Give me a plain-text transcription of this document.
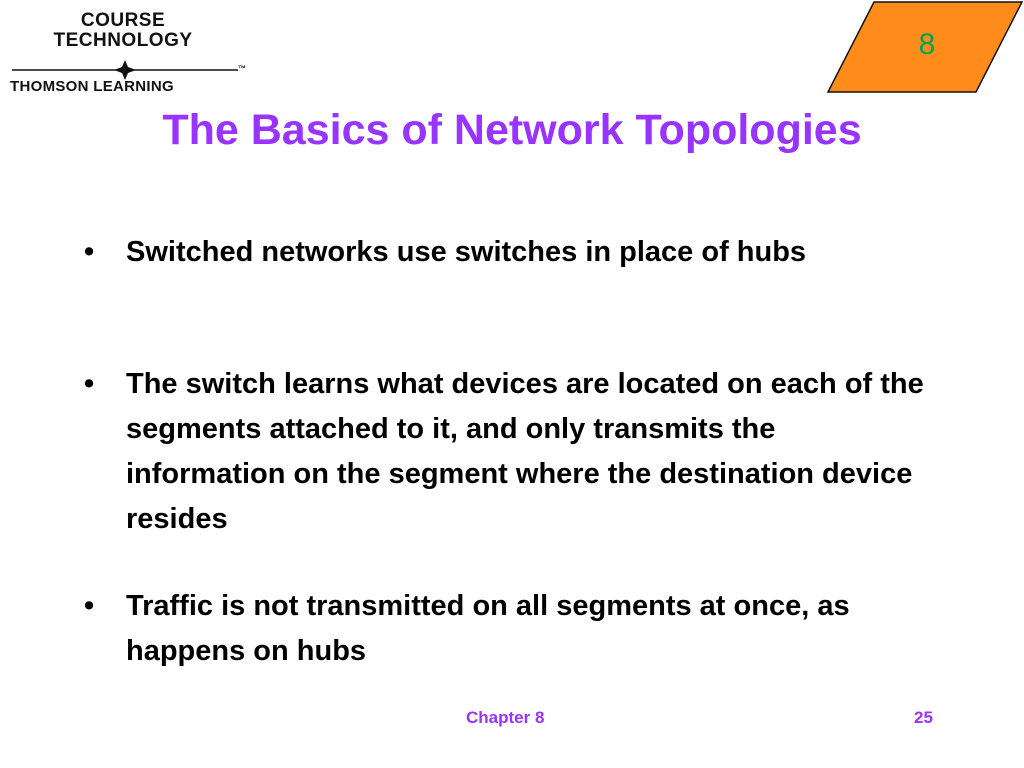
COURSE
TECHNOLOGY
THOMSON LEARNING
™
8
The Basics of Network Topologies
• Switched networks use switches in place of hubs
• The switch learns what devices are located on each of the segments attached to it, and only transmits the information on the segment where the destination device resides
• Traffic is not transmitted on all segments at once, as happens on hubs
Chapter 8	25
